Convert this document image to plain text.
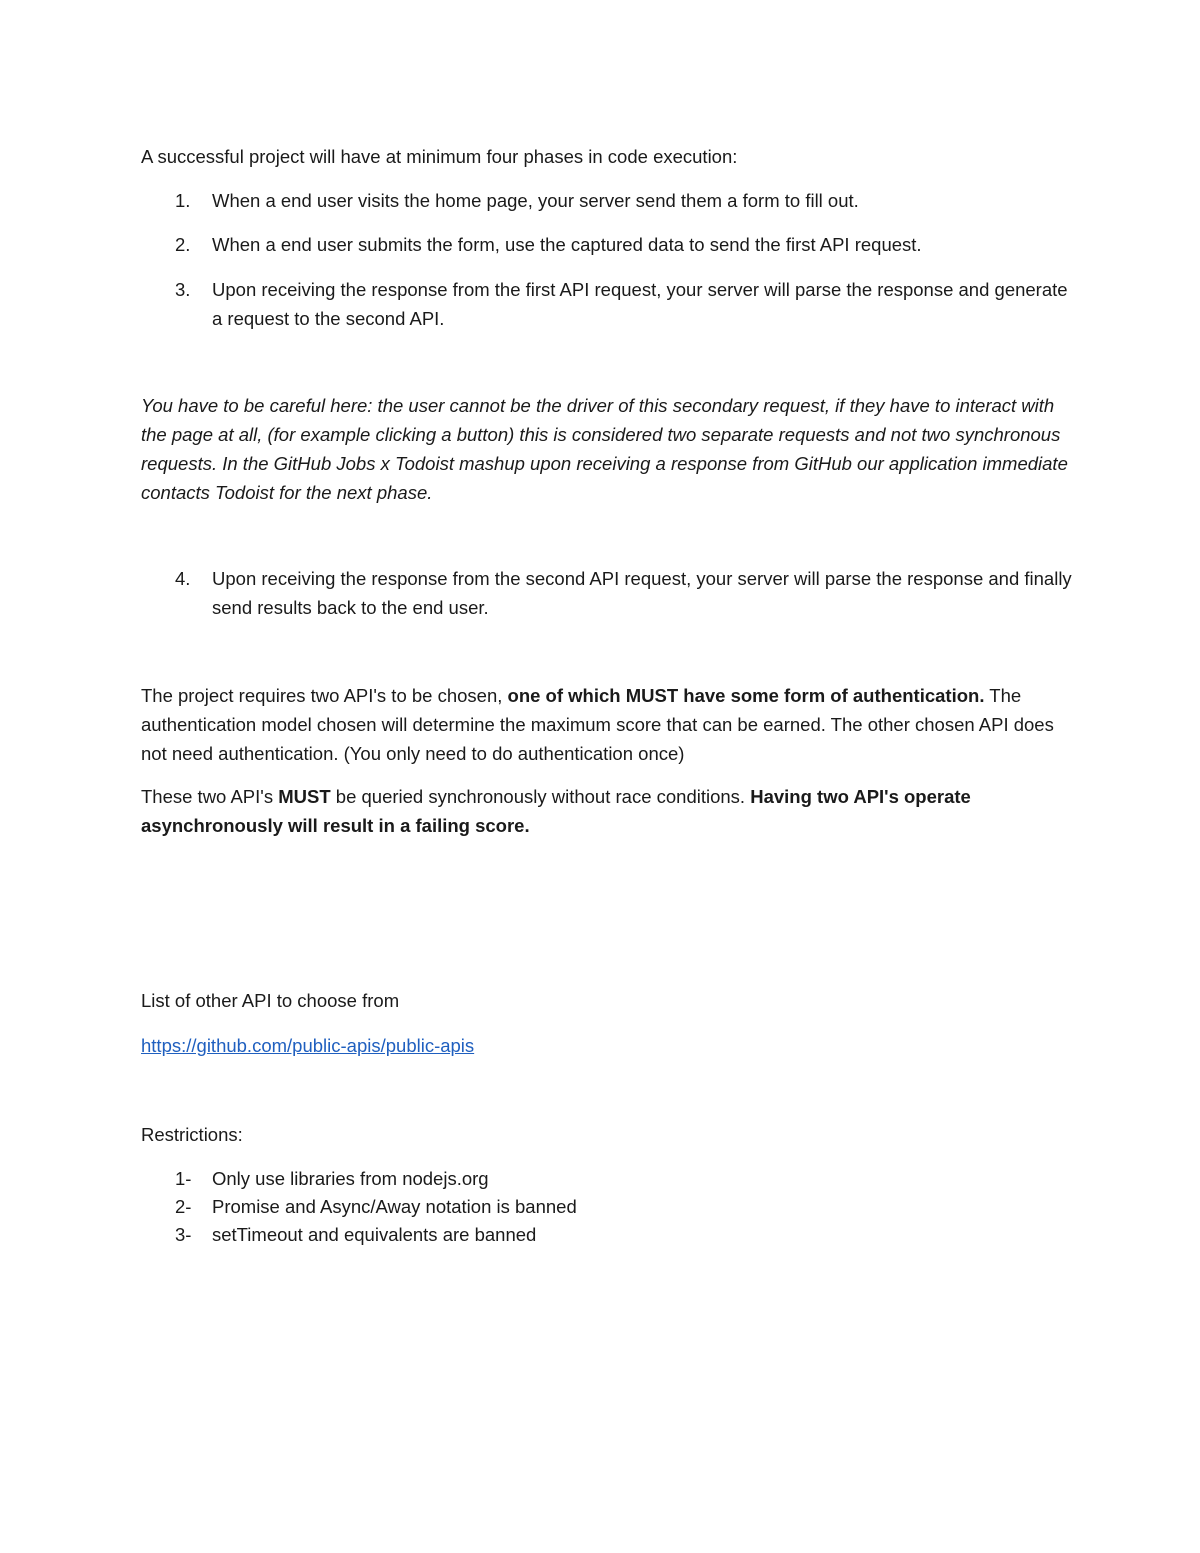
A successful project will have at minimum four phases in code execution:

1. When a end user visits the home page, your server send them a form to fill out.
2. When a end user submits the form, use the captured data to send the first API request.
3. Upon receiving the response from the first API request, your server will parse the response and generate a request to the second API.

You have to be careful here: the user cannot be the driver of this secondary request, if they have to interact with the page at all, (for example clicking a button) this is considered two separate requests and not two synchronous requests. In the GitHub Jobs x Todoist mashup upon receiving a response from GitHub our application immediate contacts Todoist for the next phase.

4. Upon receiving the response from the second API request, your server will parse the response and finally send results back to the end user.

The project requires two API's to be chosen, one of which MUST have some form of authentication. The authentication model chosen will determine the maximum score that can be earned. The other chosen API does not need authentication. (You only need to do authentication once)

These two API's MUST be queried synchronously without race conditions. Having two API's operate asynchronously will result in a failing score.

List of other API to choose from

https://github.com/public-apis/public-apis

Restrictions:

1- Only use libraries from nodejs.org
2- Promise and Async/Away notation is banned
3- setTimeout and equivalents are banned
